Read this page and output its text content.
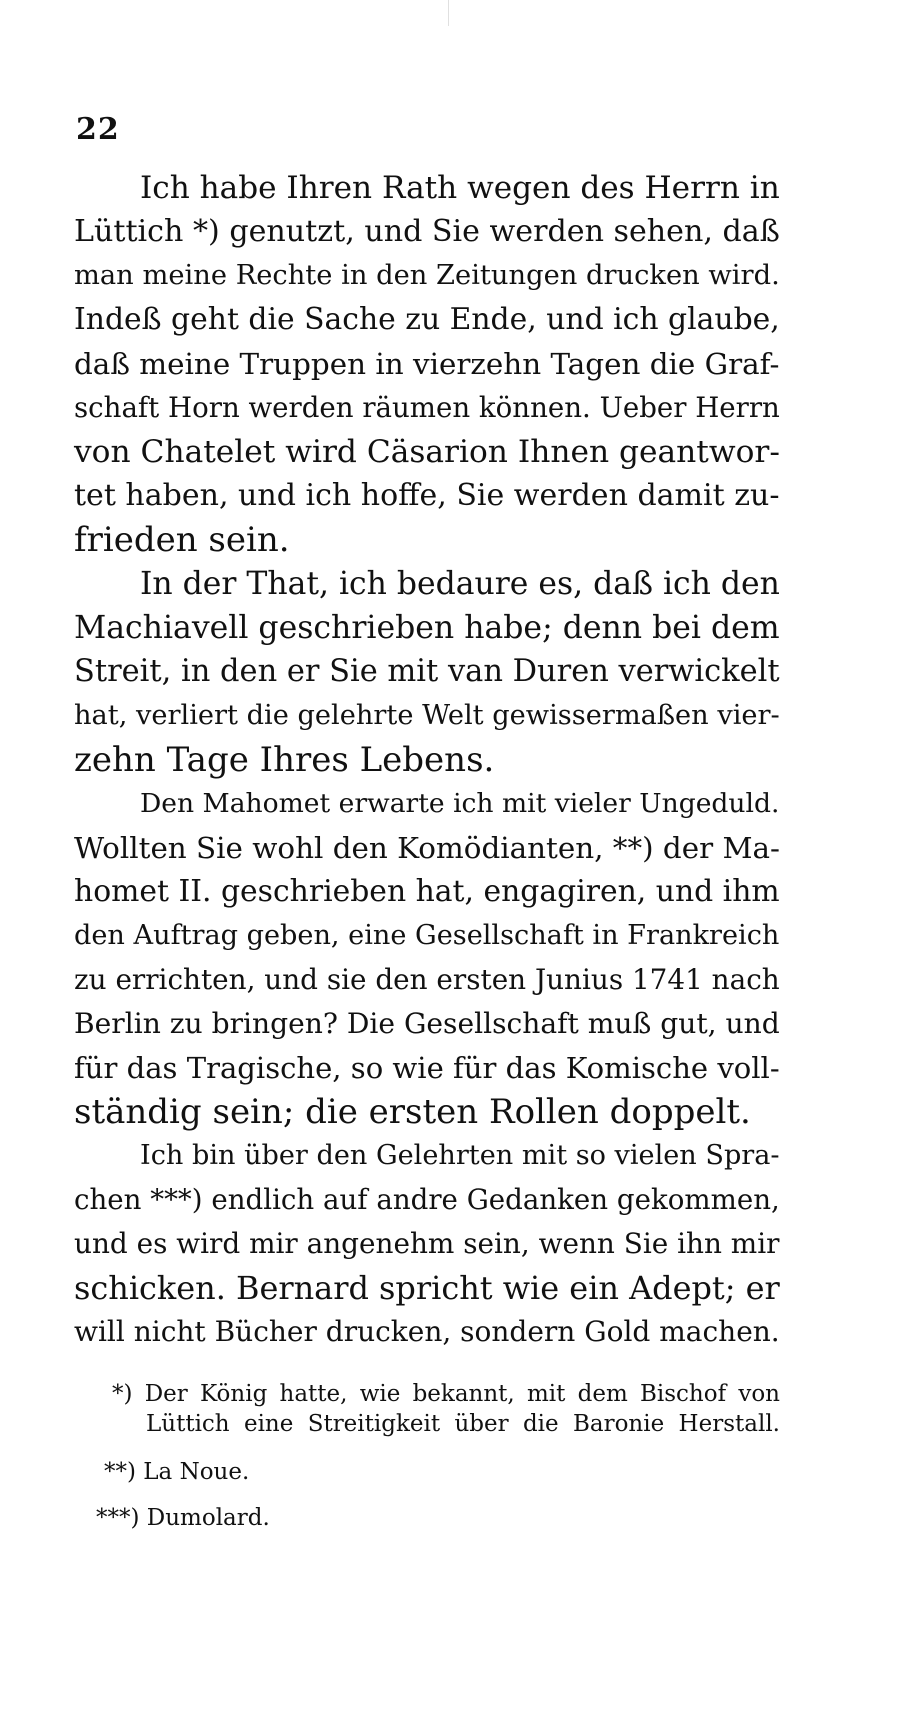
22
Ich habe Ihren Rath wegen des Herrn in
Lüttich *) genutzt, und Sie werden sehen, daß
man meine Rechte in den Zeitungen drucken wird.
Indeß geht die Sache zu Ende, und ich glaube,
daß meine Truppen in vierzehn Tagen die Graf-
schaft Horn werden räumen können. Ueber Herrn
von Chatelet wird Cäsarion Ihnen geantwor-
tet haben, und ich hoffe, Sie werden damit zu-
frieden sein.
In der That, ich bedaure es, daß ich den
Machiavell geschrieben habe; denn bei dem
Streit, in den er Sie mit van Duren verwickelt
hat, verliert die gelehrte Welt gewissermaßen vier-
zehn Tage Ihres Lebens.
Den Mahomet erwarte ich mit vieler Ungeduld.
Wollten Sie wohl den Komödianten, **) der Ma-
homet II. geschrieben hat, engagiren, und ihm
den Auftrag geben, eine Gesellschaft in Frankreich
zu errichten, und sie den ersten Junius 1741 nach
Berlin zu bringen? Die Gesellschaft muß gut, und
für das Tragische, so wie für das Komische voll-
ständig sein; die ersten Rollen doppelt.
Ich bin über den Gelehrten mit so vielen Spra-
chen ***) endlich auf andre Gedanken gekommen,
und es wird mir angenehm sein, wenn Sie ihn mir
schicken. Bernard spricht wie ein Adept; er
will nicht Bücher drucken, sondern Gold machen.
*) Der König hatte, wie bekannt, mit dem Bischof von
Lüttich eine Streitigkeit über die Baronie Herstall.
**) La Noue.
***) Dumolard.
